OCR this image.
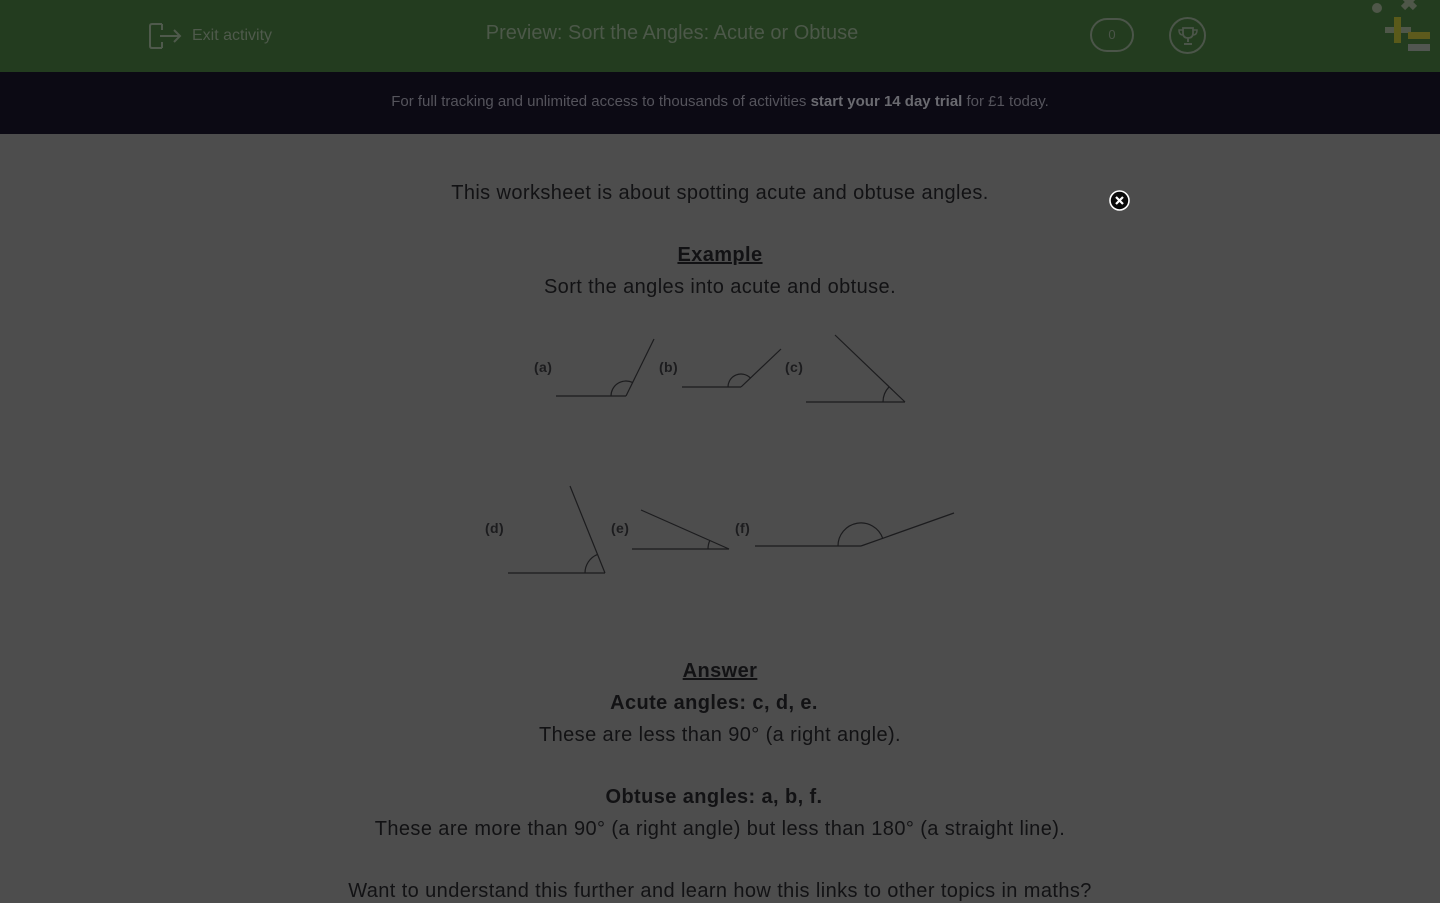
Exit activity	Preview: Sort the Angles: Acute or Obtuse	0
For full tracking and unlimited access to thousands of activities start your 14 day trial for £1 today.
This worksheet is about spotting acute and obtuse angles.
Example
Sort the angles into acute and obtuse.
(a)	(b)	(c)
(d)	(e)	(f)
Answer
Acute angles: c, d, e.
These are less than 90° (a right angle).
Obtuse angles: a, b, f.
These are more than 90° (a right angle) but less than 180° (a straight line).
Want to understand this further and learn how this links to other topics in maths?
